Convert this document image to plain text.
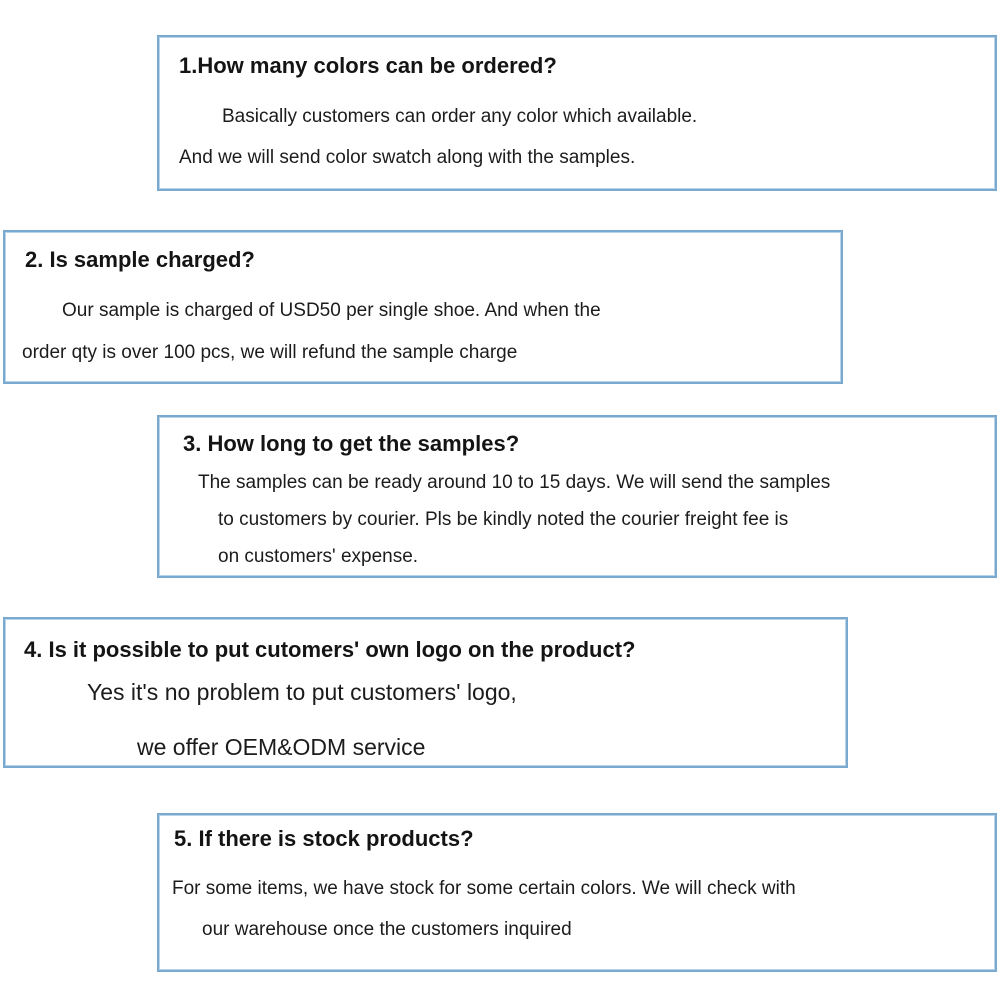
1.How many colors can be ordered?

Basically customers can order any color which available.

And we will send color swatch along with the samples.

2. Is sample charged?

Our sample is charged of USD50 per single shoe. And when the

order qty is over 100 pcs, we will refund the sample charge

3. How long to get the samples?

The samples can be ready around 10 to 15 days. We will send the samples

to customers by courier. Pls be kindly noted the courier freight fee is

on customers' expense.

4. Is it possible to put cutomers' own logo on the product?

Yes it's no problem to put customers' logo,

we offer OEM&ODM service

5. If there is stock products?

For some items, we have stock for some certain colors. We will check with

our warehouse once the customers inquired
